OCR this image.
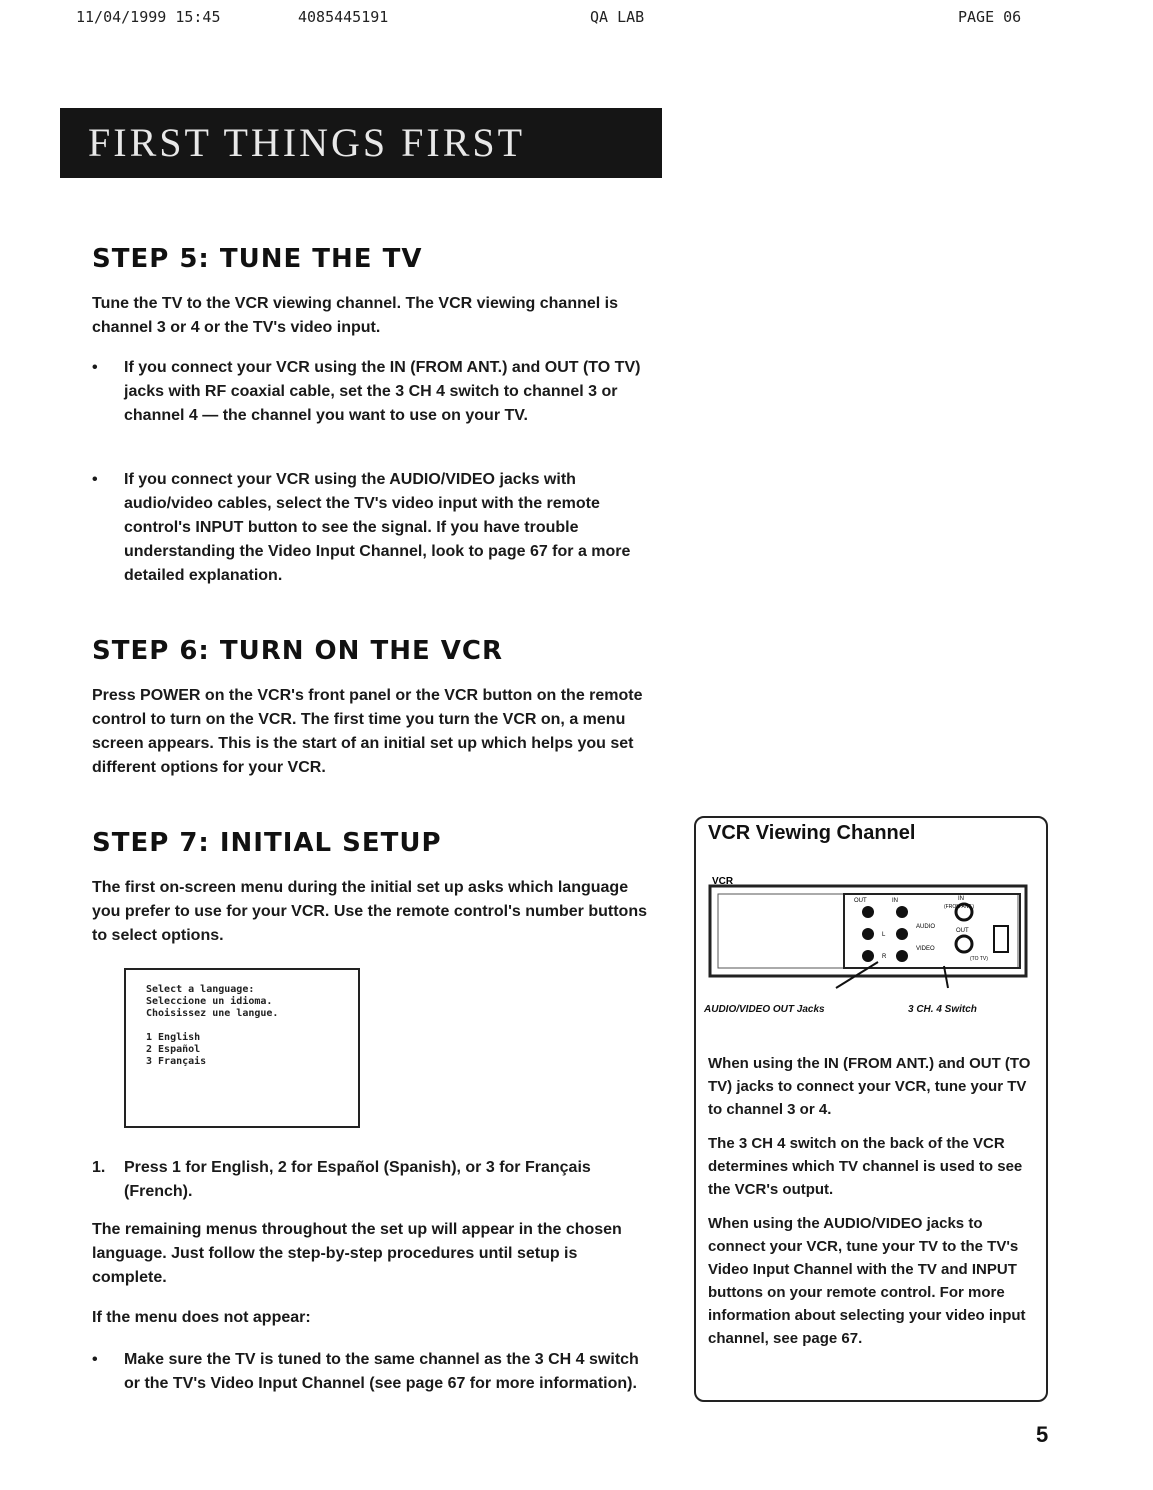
11/04/1999 15:45	4085445191	QA LAB	PAGE 06
FIRST THINGS FIRST
STEP 5: TUNE THE TV
Tune the TV to the VCR viewing channel. The VCR viewing channel is channel 3 or 4 or the TV's video input.
• If you connect your VCR using the IN (FROM ANT.) and OUT (TO TV) jacks with RF coaxial cable, set the 3 CH 4 switch to channel 3 or channel 4 — the channel you want to use on your TV.
• If you connect your VCR using the AUDIO/VIDEO jacks with audio/video cables, select the TV's video input with the remote control's INPUT button to see the signal. If you have trouble understanding the Video Input Channel, look to page 67 for a more detailed explanation.
STEP 6: TURN ON THE VCR
Press POWER on the VCR's front panel or the VCR button on the remote control to turn on the VCR. The first time you turn the VCR on, a menu screen appears. This is the start of an initial set up which helps you set different options for your VCR.
STEP 7: INITIAL SETUP
The first on-screen menu during the initial set up asks which language you prefer to use for your VCR. Use the remote control's number buttons to select options.
Select a language:
Seleccione un idioma.
Choisissez une langue.
1 English
2 Español
3 Français
1. Press 1 for English, 2 for Español (Spanish), or 3 for Français (French).
The remaining menus throughout the set up will appear in the chosen language. Just follow the step-by-step procedures until setup is complete.
If the menu does not appear:
• Make sure the TV is tuned to the same channel as the 3 CH 4 switch or the TV's Video Input Channel (see page 67 for more information).
VCR Viewing Channel
VCR
OUT	IN	IN
AUDIO
VIDEO
OUT
L
R
(FROM ANT.)
(TO TV)
AUDIO/VIDEO OUT Jacks	3 CH. 4 Switch
When using the IN (FROM ANT.) and OUT (TO TV) jacks to connect your VCR, tune your TV to channel 3 or 4.
The 3 CH 4 switch on the back of the VCR determines which TV channel is used to see the VCR's output.
When using the AUDIO/VIDEO jacks to connect your VCR, tune your TV to the TV's Video Input Channel with the TV and INPUT buttons on your remote control. For more information about selecting your video input channel, see page 67.
5
